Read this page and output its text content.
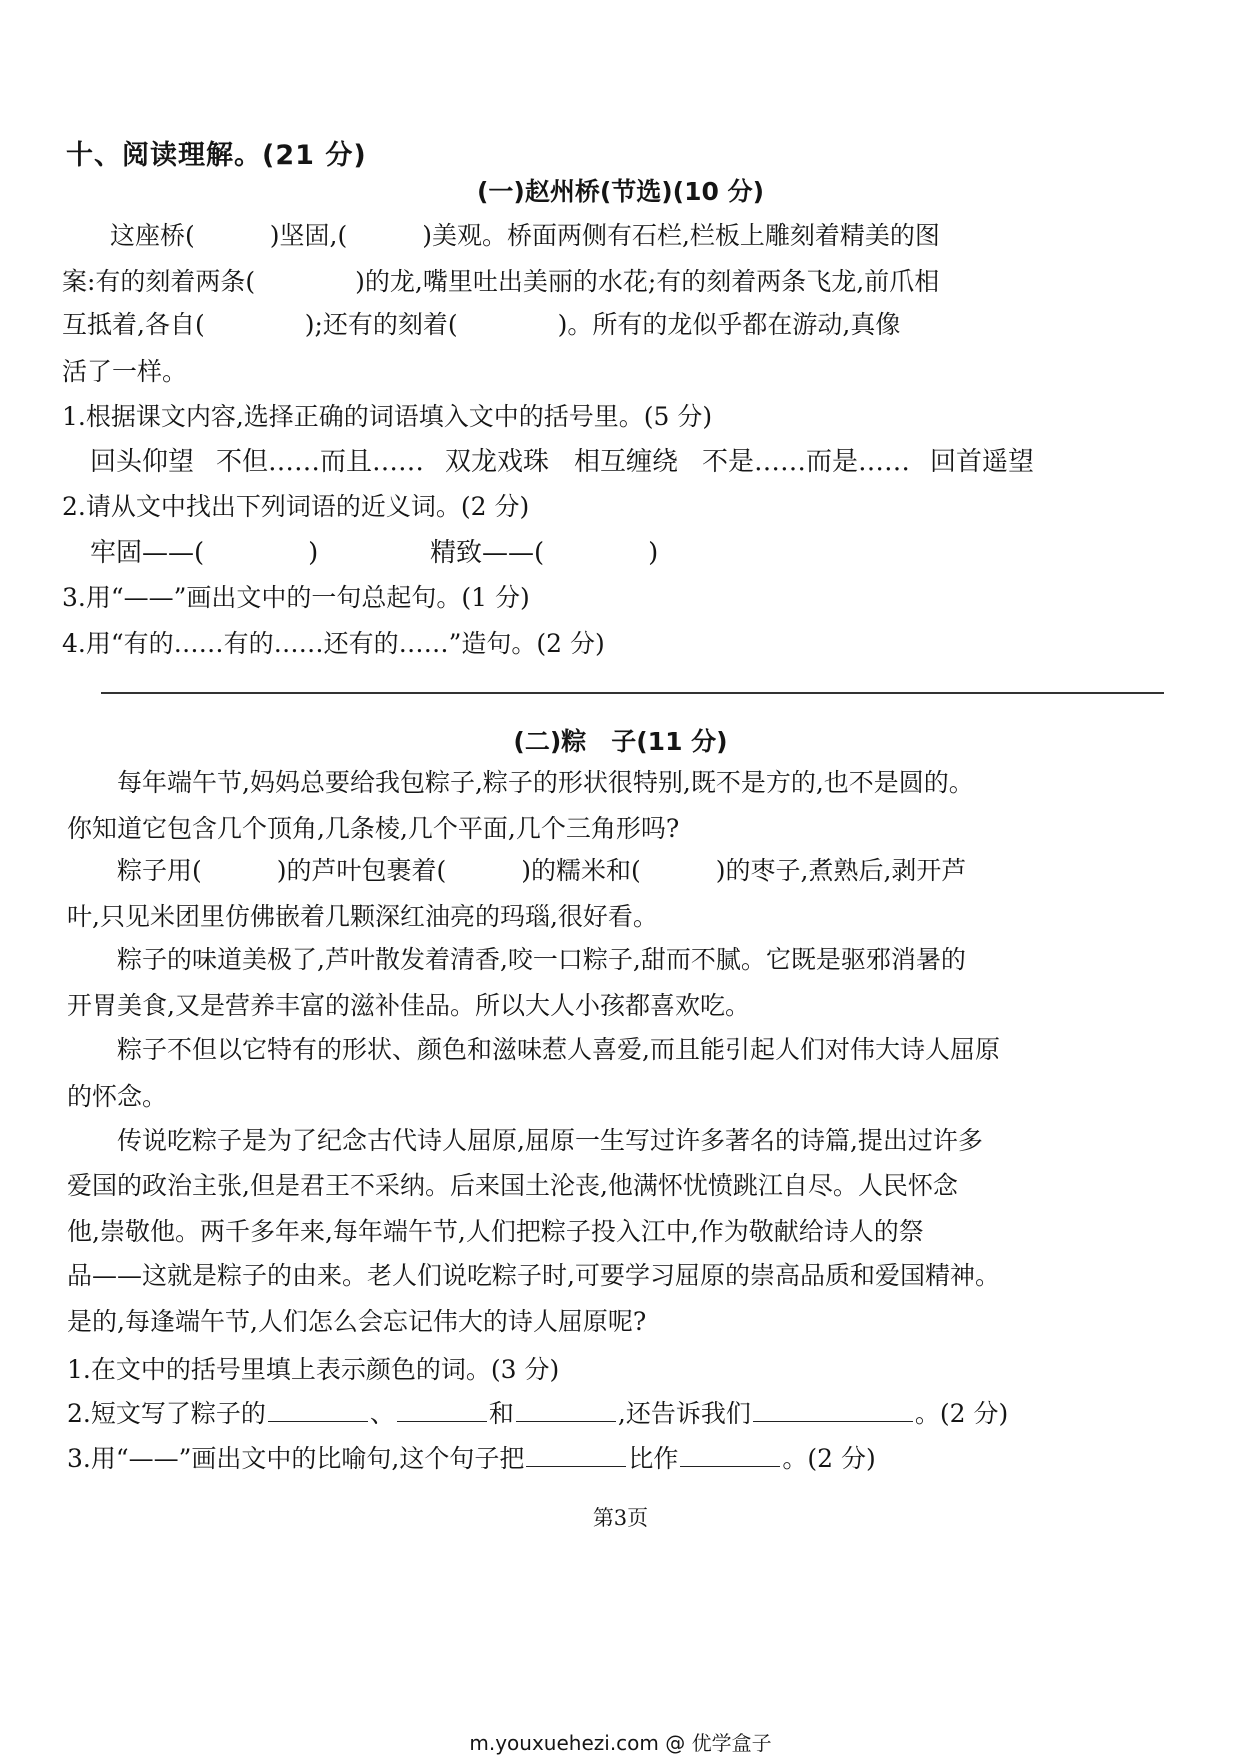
十、阅读理解。(21 分)
(一)赵州桥(节选)(10 分)
这座桥(　　　)坚固,(　　　)美观。桥面两侧有石栏,栏板上雕刻着精美的图
案:有的刻着两条(　　　　)的龙,嘴里吐出美丽的水花;有的刻着两条飞龙,前爪相
互抵着,各自(　　　　);还有的刻着(　　　　)。所有的龙似乎都在游动,真像
活了一样。
1.根据课文内容,选择正确的词语填入文中的括号里。(5 分)
回头仰望 不但……而且…… 双龙戏珠 相互缠绕 不是……而是…… 回首遥望
2.请从文中找出下列词语的近义词。(2 分)
牢固——(　　　　)	精致——(　　　　)
3.用“——”画出文中的一句总起句。(1 分)
4.用“有的……有的……还有的……”造句。(2 分)
(二)粽　子(11 分)
每年端午节,妈妈总要给我包粽子,粽子的形状很特别,既不是方的,也不是圆的。
你知道它包含几个顶角,几条棱,几个平面,几个三角形吗?
粽子用(　　　)的芦叶包裹着(　　　)的糯米和(　　　)的枣子,煮熟后,剥开芦
叶,只见米团里仿佛嵌着几颗深红油亮的玛瑙,很好看。
粽子的味道美极了,芦叶散发着清香,咬一口粽子,甜而不腻。它既是驱邪消暑的
开胃美食,又是营养丰富的滋补佳品。所以大人小孩都喜欢吃。
粽子不但以它特有的形状、颜色和滋味惹人喜爱,而且能引起人们对伟大诗人屈原
的怀念。
传说吃粽子是为了纪念古代诗人屈原,屈原一生写过许多著名的诗篇,提出过许多
爱国的政治主张,但是君王不采纳。后来国土沦丧,他满怀忧愤跳江自尽。人民怀念
他,崇敬他。两千多年来,每年端午节,人们把粽子投入江中,作为敬献给诗人的祭
品——这就是粽子的由来。老人们说吃粽子时,可要学习屈原的崇高品质和爱国精神。
是的,每逢端午节,人们怎么会忘记伟大的诗人屈原呢?
1.在文中的括号里填上表示颜色的词。(3 分)
2.短文写了粽子的	、	和	,还告诉我们	。(2 分)
3.用“——”画出文中的比喻句,这个句子把	比作	。(2 分)
第3页
m.youxuehezi.com @ 优学盒子
